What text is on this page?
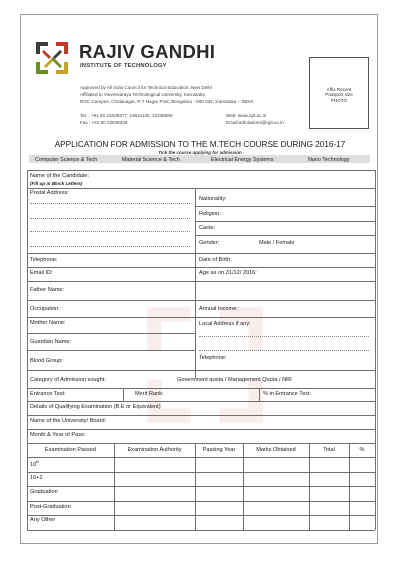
RAJIV GANDHI
INSTITUTE OF TECHNOLOGY
Approved by All India Council for Technical Education, New Delhi
Affiliated to Visvesvaraya Technological University, Karnataka
RGC Campus, Cholanagar, R T Nagar Post, Bengaluru - 560 032, Karnataka – INDIA
Tel. : +91 80 23339377, 23631145, 23335989
Fax : +91 80 23549348
Web: www.rgit.ac.in
Email:admissions@rgit.ac.in
Affix Recent
Passport size
PHOTO
APPLICATION FOR ADMISSION TO THE M.TECH COURSE DURING 2016-17
Tick the course applying for admission
Computer Science & Tech	Material Science & Tech	Electrical Energy Systems	Nano Technology
Name of the Candidate:
(Fill up in Block Letters)
Postal Address:
Nationality:
Religion:
Caste:
Gender:	Male / Female
Telephone:	Date of Birth:
Email ID:	Age as on 31/12/ 2016:
Father Name:
Occupation:	Annual Income:
Mother Name:	Local Address if any:
Guardian Name:
Blood Group:	Telephone:
Category of Admission sought:	Government quota / Management Quota / NRI
Entrance Test:	Merit Rank:	% in Entrance Test:
Details of Qualifying Examination (B.E or Equivalent)
Name of the University/ Board:
Month & Year of Pass:
Examination Passed	Examination Authority	Passing Year	Marks Obtained	Total	%
10th
10+2
Graduation
Post-Graduation
Any Other
